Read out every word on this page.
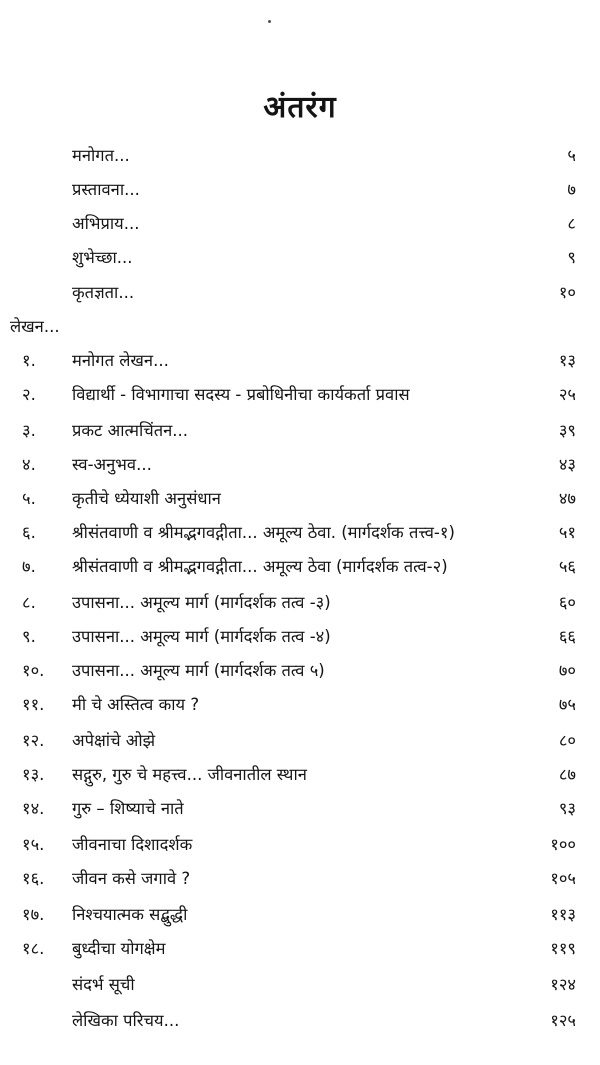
अंतरंग
मनोगत...	५
प्रस्तावना...	७
अभिप्राय...	८
शुभेच्छा...	९
कृतज्ञता...	१०
लेखन...
१. मनोगत लेखन...	१३
२. विद्यार्थी - विभागाचा सदस्य - प्रबोधिनीचा कार्यकर्ता प्रवास	२५
३. प्रकट आत्मचिंतन...	३९
४. स्व-अनुभव...	४३
५. कृतीचे ध्येयाशी अनुसंधान	४७
६. श्रीसंतवाणी व श्रीमद्भगवद्गीता... अमूल्य ठेवा. (मार्गदर्शक तत्त्व-१)	५१
७. श्रीसंतवाणी व श्रीमद्भगवद्गीता... अमूल्य ठेवा (मार्गदर्शक तत्व-२)	५६
८. उपासना... अमूल्य मार्ग (मार्गदर्शक तत्व -३)	६०
९. उपासना... अमूल्य मार्ग (मार्गदर्शक तत्व -४)	६६
१०. उपासना... अमूल्य मार्ग (मार्गदर्शक तत्व ५)	७०
११. मी चे अस्तित्व काय ?	७५
१२. अपेक्षांचे ओझे	८०
१३. सद्गुरु, गुरु चे महत्त्व... जीवनातील स्थान	८७
१४. गुरु – शिष्याचे नाते	९३
१५. जीवनाचा दिशादर्शक	१००
१६. जीवन कसे जगावे ?	१०५
१७. निश्चयात्मक सद्बुद्धी	११३
१८. बुध्दीचा योगक्षेम	११९
संदर्भ सूची	१२४
लेखिका परिचय...	१२५
